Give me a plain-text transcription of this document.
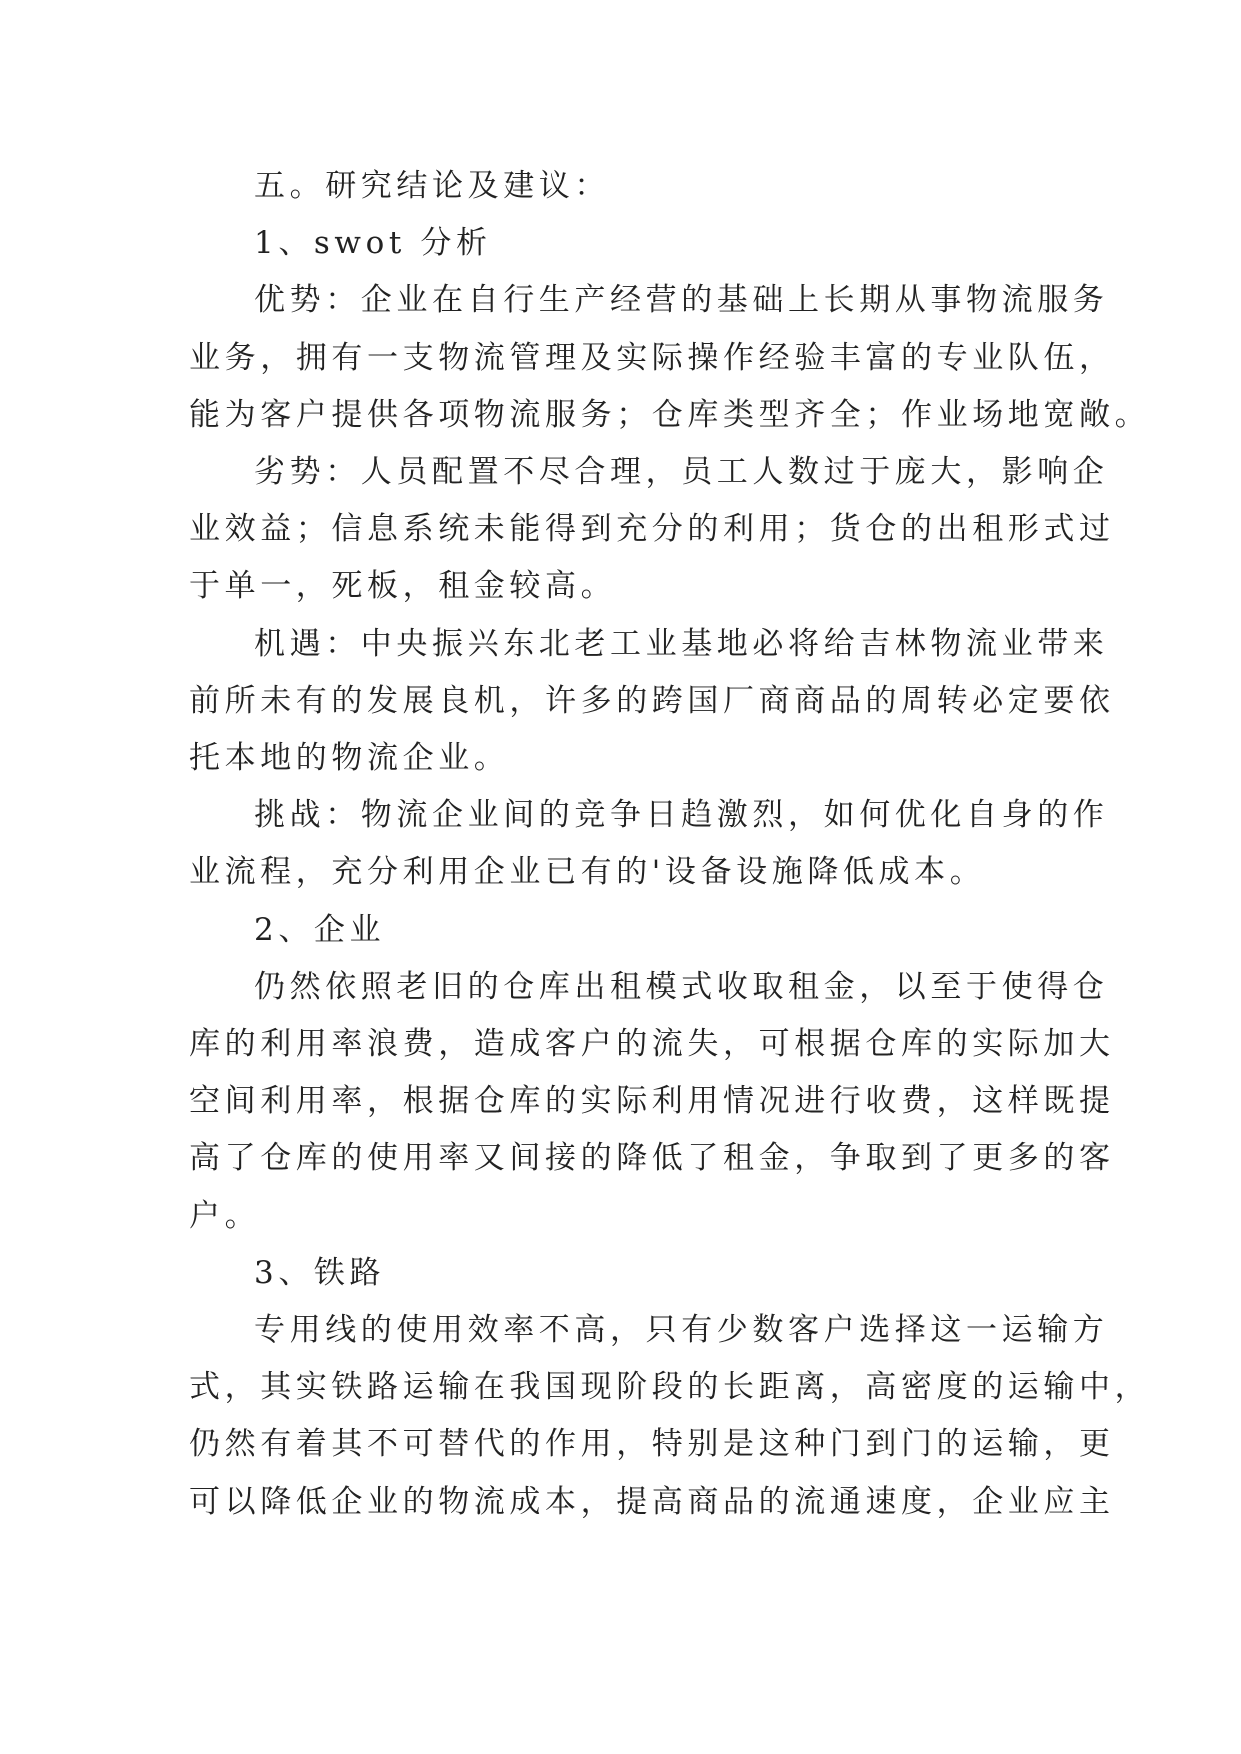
五。研究结论及建议：
1、swot 分析
优势：企业在自行生产经营的基础上长期从事物流服务
业务，拥有一支物流管理及实际操作经验丰富的专业队伍，
能为客户提供各项物流服务；仓库类型齐全；作业场地宽敞。
劣势：人员配置不尽合理，员工人数过于庞大，影响企
业效益；信息系统未能得到充分的利用；货仓的出租形式过
于单一，死板，租金较高。
机遇：中央振兴东北老工业基地必将给吉林物流业带来
前所未有的发展良机，许多的跨国厂商商品的周转必定要依
托本地的物流企业。
挑战：物流企业间的竞争日趋激烈，如何优化自身的作
业流程，充分利用企业已有的'设备设施降低成本。
2、企业
仍然依照老旧的仓库出租模式收取租金，以至于使得仓
库的利用率浪费，造成客户的流失，可根据仓库的实际加大
空间利用率，根据仓库的实际利用情况进行收费，这样既提
高了仓库的使用率又间接的降低了租金，争取到了更多的客
户。
3、铁路
专用线的使用效率不高，只有少数客户选择这一运输方
式，其实铁路运输在我国现阶段的长距离，高密度的运输中，
仍然有着其不可替代的作用，特别是这种门到门的运输，更
可以降低企业的物流成本，提高商品的流通速度，企业应主
